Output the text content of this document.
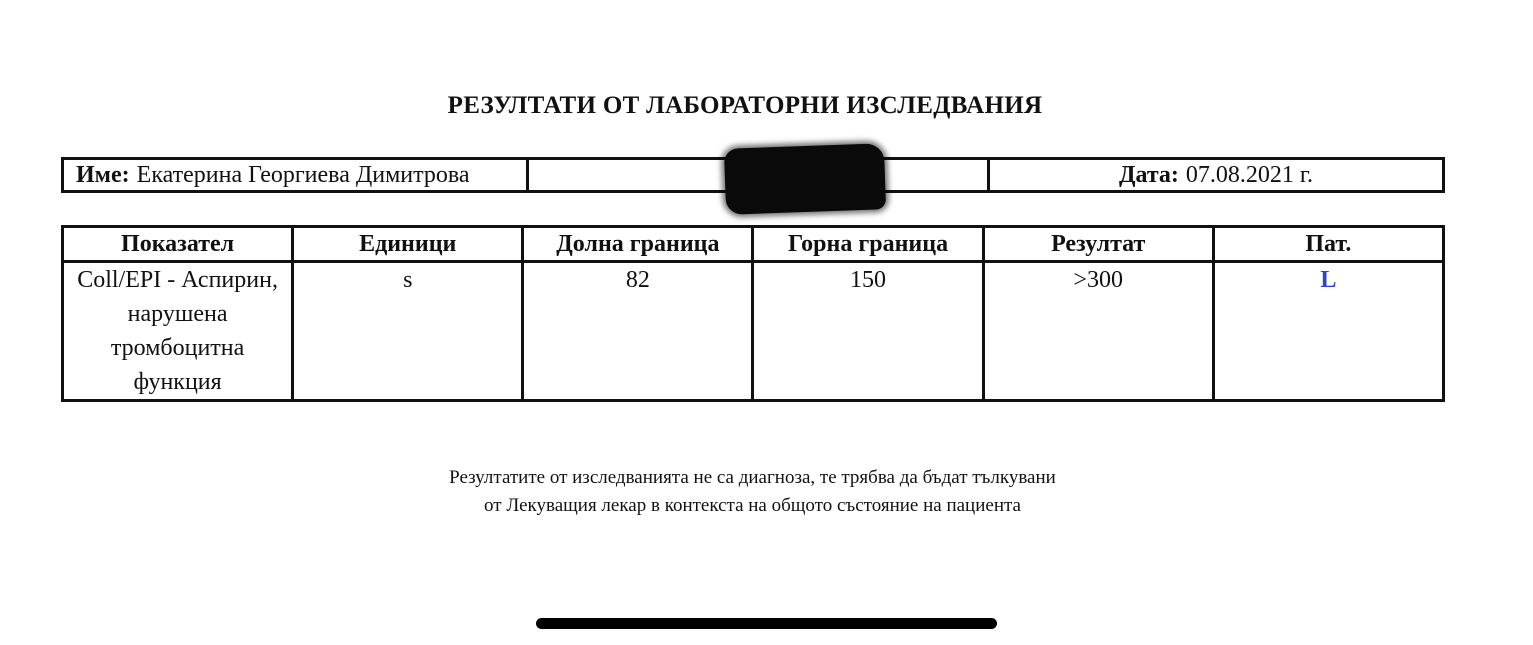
РЕЗУЛТАТИ ОТ ЛАБОРАТОРНИ ИЗСЛЕДВАНИЯ
Име: Екатерина Георгиева Димитрова	Дата: 07.08.2021 г.
Показател	Единици	Долна граница	Горна граница	Резултат	Пат.
Coll/EPI - Аспирин, нарушена тромбоцитна функция	s	82	150	>300	L
Резултатите от изследванията не са диагноза, те трябва да бъдат тълкувани
от Лекуващия лекар в контекста на общото състояние на пациента
